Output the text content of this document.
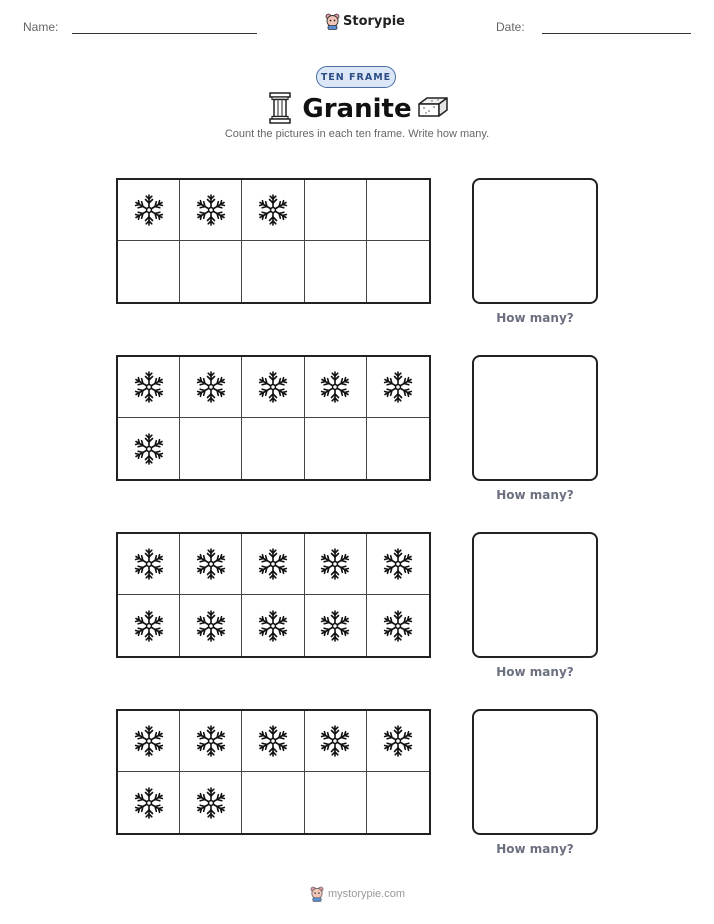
Name:	Storypie	Date:
TEN FRAME
Granite
Count the pictures in each ten frame. Write how many.
How many?
How many?
How many?
How many?
mystorypie.com
